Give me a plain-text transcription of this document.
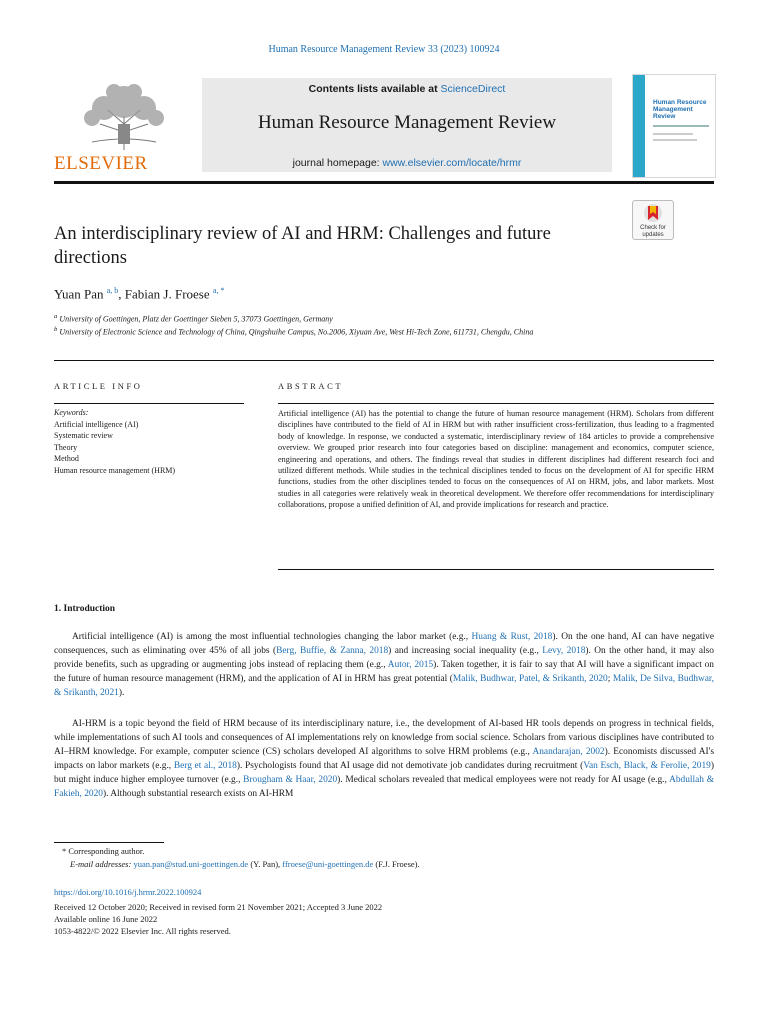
Human Resource Management Review 33 (2023) 100924
ELSEVIER
Contents lists available at ScienceDirect
Human Resource Management Review
journal homepage: www.elsevier.com/locate/hrmr
Human Resource Management Review
Check for updates
An interdisciplinary review of AI and HRM: Challenges and future directions
Yuan Pan $^{a, b}$, Fabian J. Froese $^{a, *}$
$^a$ University of Goettingen, Platz der Goettinger Sieben 5, 37073 Goettingen, Germany
$^b$ University of Electronic Science and Technology of China, Qingshuihe Campus, No.2006, Xiyuan Ave, West Hi-Tech Zone, 611731, Chengdu, China
ARTICLE INFO	ABSTRACT
Keywords:
Artificial intelligence (AI)
Systematic review
Theory
Method
Human resource management (HRM)
Artificial intelligence (AI) has the potential to change the future of human resource management (HRM). Scholars from different disciplines have contributed to the field of AI in HRM but with rather insufficient cross-fertilization, thus leading to a fragmented body of knowledge. In response, we conducted a systematic, interdisciplinary review of 184 articles to provide a comprehensive overview. We grouped prior research into four categories based on discipline: management and economics, computer science, engineering and operations, and others. The findings reveal that studies in different disciplines had different research foci and utilized different methods. While studies in the technical disciplines tended to focus on the development of AI for specific HRM functions, studies from the other disciplines tended to focus on the consequences of AI on HRM, jobs, and labor markets. Most studies in all categories were relatively weak in theoretical development. We therefore offer recommendations for interdisciplinary collaborations, propose a unified definition of AI, and provide implications for research and practice.
1. Introduction
Artificial intelligence (AI) is among the most influential technologies changing the labor market (e.g., Huang & Rust, 2018). On the one hand, AI can have negative consequences, such as eliminating over 45% of all jobs (Berg, Buffie, & Zanna, 2018) and increasing social inequality (e.g., Levy, 2018). On the other hand, it may also provide benefits, such as upgrading or augmenting jobs instead of replacing them (e.g., Autor, 2015). Taken together, it is fair to say that AI will have a significant impact on the future of human resource management (HRM), and the application of AI in HRM has great potential (Malik, Budhwar, Patel, & Srikanth, 2020; Malik, De Silva, Budhwar, & Srikanth, 2021).
AI-HRM is a topic beyond the field of HRM because of its interdisciplinary nature, i.e., the development of AI-based HR tools depends on progress in technical fields, while implementations of such AI tools and consequences of AI implementations rely on knowledge from social science. Scholars from various disciplines have contributed to AI–HRM knowledge. For example, computer science (CS) scholars developed AI algorithms to solve HRM problems (e.g., Anandarajan, 2002). Economists discussed AI's impacts on labor markets (e.g., Berg et al., 2018). Psychologists found that AI usage did not demotivate job candidates during recruitment (Van Esch, Black, & Ferolie, 2019) but might induce higher employee turnover (e.g., Brougham & Haar, 2020). Medical scholars revealed that medical employees were not ready for AI usage (e.g., Abdullah & Fakieh, 2020). Although substantial research exists on AI-HRM
* Corresponding author.
E-mail addresses: yuan.pan@stud.uni-goettingen.de (Y. Pan), ffroese@uni-goettingen.de (F.J. Froese).
https://doi.org/10.1016/j.hrmr.2022.100924
Received 12 October 2020; Received in revised form 21 November 2021; Accepted 3 June 2022
Available online 16 June 2022
1053-4822/© 2022 Elsevier Inc. All rights reserved.
